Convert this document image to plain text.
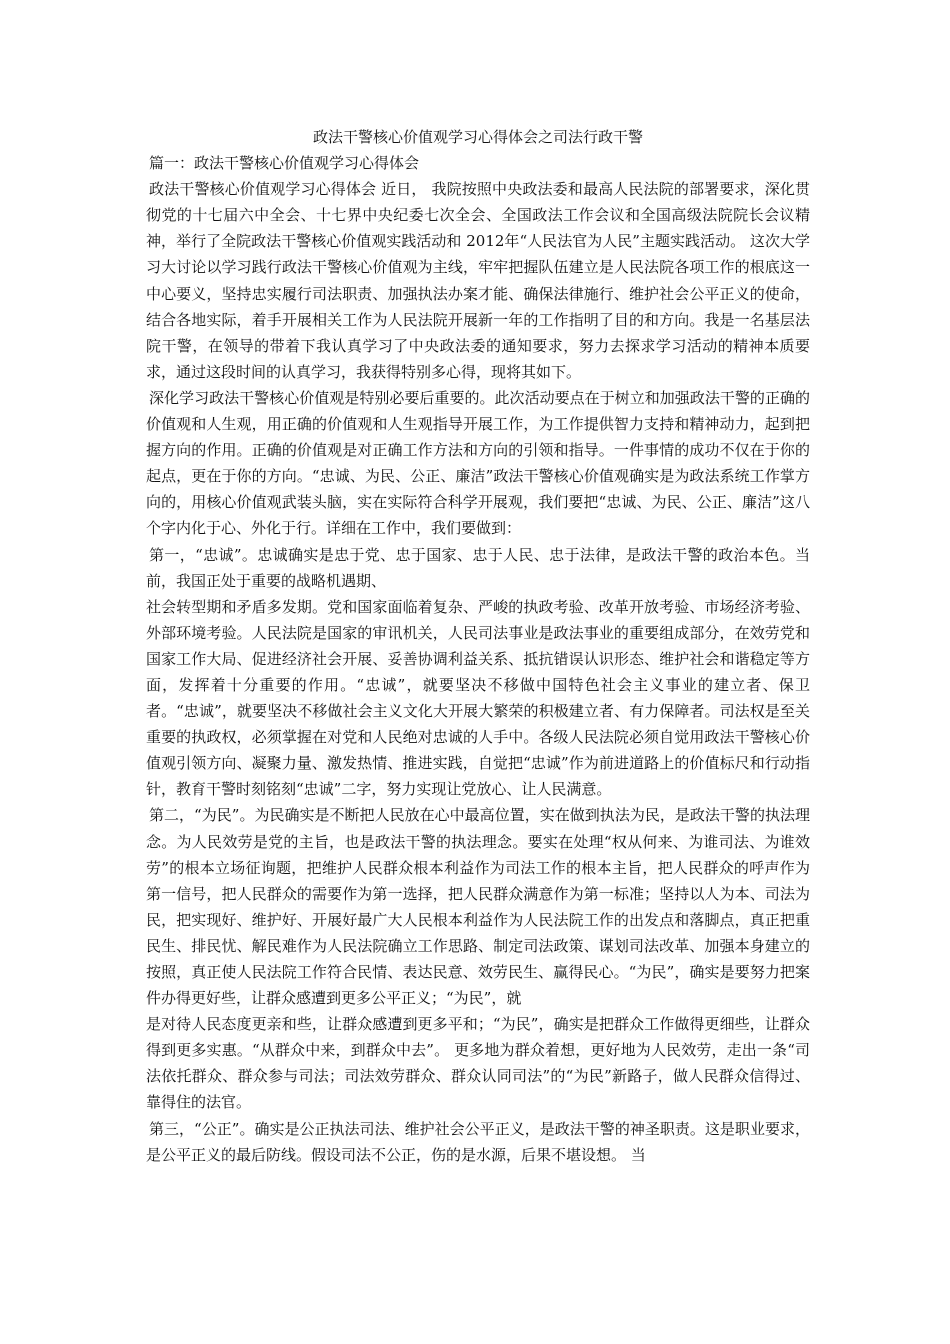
政法干警核心价值观学习心得体会之司法行政干警

篇一：政法干警核心价值观学习心得体会

政法干警核心价值观学习心得体会 近日， 我院按照中央政法委和最高人民法院的部署要求，深化贯彻党的十七届六中全会、十七界中央纪委七次全会、全国政法工作会议和全国高级法院院长会议精神，举行了全院政法干警核心价值观实践活动和 2012年“人民法官为人民”主题实践活动。 这次大学习大讨论以学习践行政法干警核心价值观为主线，牢牢把握队伍建立是人民法院各项工作的根底这一中心要义，坚持忠实履行司法职责、加强执法办案才能、确保法律施行、维护社会公平正义的使命，结合各地实际，着手开展相关工作为人民法院开展新一年的工作指明了目的和方向。我是一名基层法院干警，在领导的带着下我认真学习了中央政法委的通知要求，努力去探求学习活动的精神本质要求，通过这段时间的认真学习，我获得特别多心得，现将其如下。

深化学习政法干警核心价值观是特别必要后重要的。此次活动要点在于树立和加强政法干警的正确的价值观和人生观，用正确的价值观和人生观指导开展工作，为工作提供智力支持和精神动力，起到把握方向的作用。正确的价值观是对正确工作方法和方向的引领和指导。一件事情的成功不仅在于你的起点，更在于你的方向。“忠诚、为民、公正、廉洁”政法干警核心价值观确实是为政法系统工作掌方向的，用核心价值观武装头脑，实在实际符合科学开展观，我们要把“忠诚、为民、公正、廉洁”这八个字内化于心、外化于行。详细在工作中，我们要做到：

第一，“忠诚”。忠诚确实是忠于党、忠于国家、忠于人民、忠于法律，是政法干警的政治本色。当前，我国正处于重要的战略机遇期、

社会转型期和矛盾多发期。党和国家面临着复杂、严峻的执政考验、改革开放考验、市场经济考验、外部环境考验。人民法院是国家的审讯机关，人民司法事业是政法事业的重要组成部分，在效劳党和国家工作大局、促进经济社会开展、妥善协调利益关系、抵抗错误认识形态、维护社会和谐稳定等方面，发挥着十分重要的作用。“忠诚”，就要坚决不移做中国特色社会主义事业的建立者、保卫者。“忠诚”，就要坚决不移做社会主义文化大开展大繁荣的积极建立者、有力保障者。司法权是至关重要的执政权，必须掌握在对党和人民绝对忠诚的人手中。各级人民法院必须自觉用政法干警核心价值观引领方向、凝聚力量、激发热情、推进实践，自觉把“忠诚”作为前进道路上的价值标尺和行动指针，教育干警时刻铭刻“忠诚”二字，努力实现让党放心、让人民满意。

第二，“为民”。为民确实是不断把人民放在心中最高位置，实在做到执法为民，是政法干警的执法理念。为人民效劳是党的主旨，也是政法干警的执法理念。要实在处理“权从何来、为谁司法、为谁效劳”的根本立场征询题，把维护人民群众根本利益作为司法工作的根本主旨，把人民群众的呼声作为第一信号，把人民群众的需要作为第一选择，把人民群众满意作为第一标准；坚持以人为本、司法为民，把实现好、维护好、开展好最广大人民根本利益作为人民法院工作的出发点和落脚点，真正把重民生、排民忧、解民难作为人民法院确立工作思路、制定司法政策、谋划司法改革、加强本身建立的按照，真正使人民法院工作符合民情、表达民意、效劳民生、赢得民心。“为民”，确实是要努力把案件办得更好些，让群众感遭到更多公平正义；“为民”，就

是对待人民态度更亲和些，让群众感遭到更多平和；“为民”，确实是把群众工作做得更细些，让群众得到更多实惠。“从群众中来，到群众中去”。 更多地为群众着想，更好地为人民效劳，走出一条“司法依托群众、群众参与司法；司法效劳群众、群众认同司法”的“为民”新路子，做人民群众信得过、靠得住的法官。

第三，“公正”。确实是公正执法司法、维护社会公平正义，是政法干警的神圣职责。这是职业要求，是公平正义的最后防线。假设司法不公正，伤的是水源，后果不堪设想。 当
